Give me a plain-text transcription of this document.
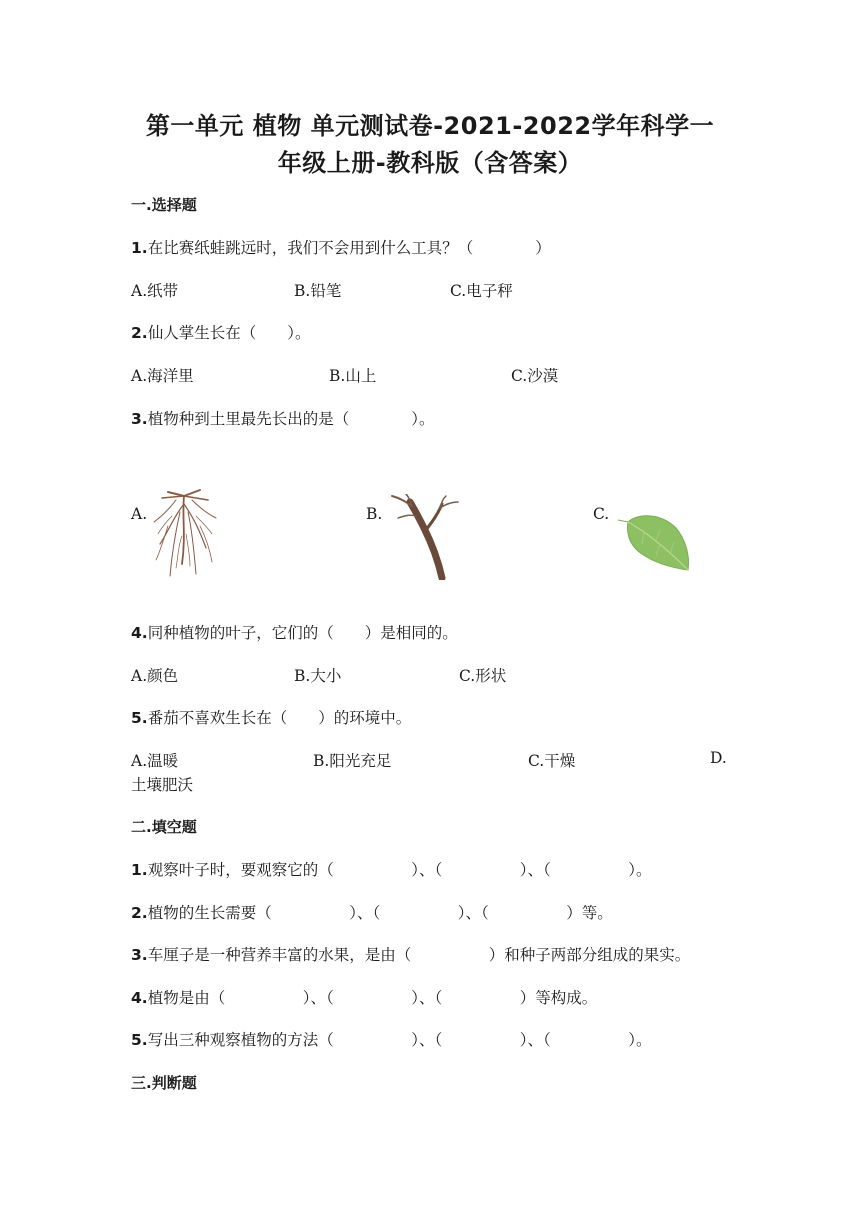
第一单元 植物 单元测试卷-2021-2022学年科学一
年级上册-教科版（含答案）
一.选择题
1.在比赛纸蛙跳远时，我们不会用到什么工具？（　　　　）
A.纸带	B.铅笔	C.电子秤
2.仙人掌生长在（　　）。
A.海洋里	B.山上	C.沙漠
3.植物种到土里最先长出的是（　　　　）。
A.	B.	C.
4.同种植物的叶子，它们的（　　）是相同的。
A.颜色	B.大小	C.形状
5.番茄不喜欢生长在（　　）的环境中。
A.温暖	B.阳光充足	C.干燥	D.
土壤肥沃
二.填空题
1.观察叶子时，要观察它的（　　　　　）、（　　　　　）、（　　　　　）。
2.植物的生长需要（　　　　　）、（　　　　　）、（　　　　　）等。
3.车厘子是一种营养丰富的水果，是由（　　　　　）和种子两部分组成的果实。
4.植物是由（　　　　　）、（　　　　　）、（　　　　　）等构成。
5.写出三种观察植物的方法（　　　　　）、（　　　　　）、（　　　　　）。
三.判断题
